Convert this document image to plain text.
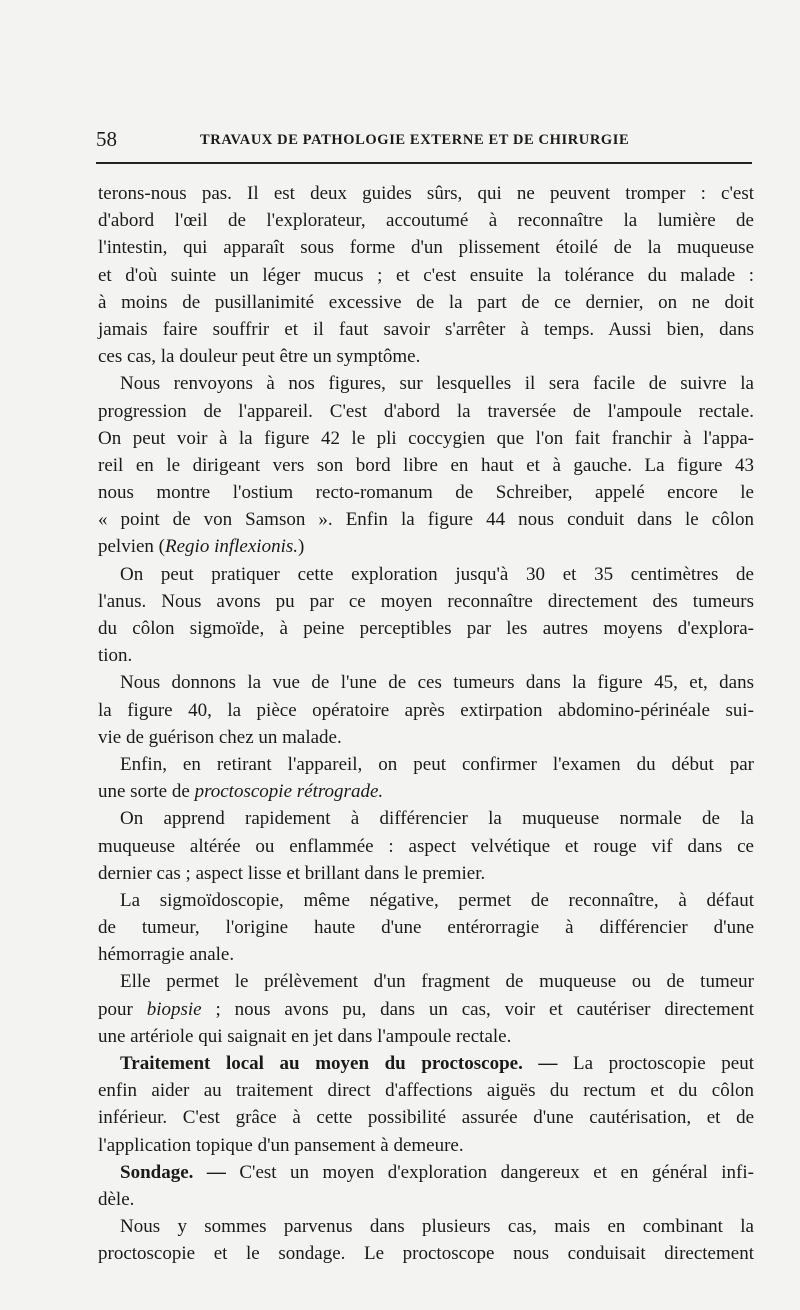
58	TRAVAUX DE PATHOLOGIE EXTERNE ET DE CHIRURGIE
terons-nous pas. Il est deux guides sûrs, qui ne peuvent tromper : c'est
d'abord l'œil de l'explorateur, accoutumé à reconnaître la lumière de
l'intestin, qui apparaît sous forme d'un plissement étoilé de la muqueuse
et d'où suinte un léger mucus ; et c'est ensuite la tolérance du malade :
à moins de pusillanimité excessive de la part de ce dernier, on ne doit
jamais faire souffrir et il faut savoir s'arrêter à temps. Aussi bien, dans
ces cas, la douleur peut être un symptôme.
Nous renvoyons à nos figures, sur lesquelles il sera facile de suivre la
progression de l'appareil. C'est d'abord la traversée de l'ampoule rectale.
On peut voir à la figure 42 le pli coccygien que l'on fait franchir à l'appa-
reil en le dirigeant vers son bord libre en haut et à gauche. La figure 43
nous montre l'ostium recto-romanum de Schreiber, appelé encore le
« point de von Samson ». Enfin la figure 44 nous conduit dans le côlon
pelvien (Regio inflexionis.)
On peut pratiquer cette exploration jusqu'à 30 et 35 centimètres de
l'anus. Nous avons pu par ce moyen reconnaître directement des tumeurs
du côlon sigmoïde, à peine perceptibles par les autres moyens d'explora-
tion.
Nous donnons la vue de l'une de ces tumeurs dans la figure 45, et, dans
la figure 40, la pièce opératoire après extirpation abdomino-périnéale sui-
vie de guérison chez un malade.
Enfin, en retirant l'appareil, on peut confirmer l'examen du début par
une sorte de proctoscopie rétrograde.
On apprend rapidement à différencier la muqueuse normale de la
muqueuse altérée ou enflammée : aspect velvétique et rouge vif dans ce
dernier cas ; aspect lisse et brillant dans le premier.
La sigmoïdoscopie, même négative, permet de reconnaître, à défaut
de tumeur, l'origine haute d'une entérorragie à différencier d'une
hémorragie anale.
Elle permet le prélèvement d'un fragment de muqueuse ou de tumeur
pour biopsie ; nous avons pu, dans un cas, voir et cautériser directement
une artériole qui saignait en jet dans l'ampoule rectale.
Traitement local au moyen du proctoscope. — La proctoscopie peut
enfin aider au traitement direct d'affections aiguës du rectum et du côlon
inférieur. C'est grâce à cette possibilité assurée d'une cautérisation, et de
l'application topique d'un pansement à demeure.
Sondage. — C'est un moyen d'exploration dangereux et en général infi-
dèle.
Nous y sommes parvenus dans plusieurs cas, mais en combinant la
proctoscopie et le sondage. Le proctoscope nous conduisait directement
